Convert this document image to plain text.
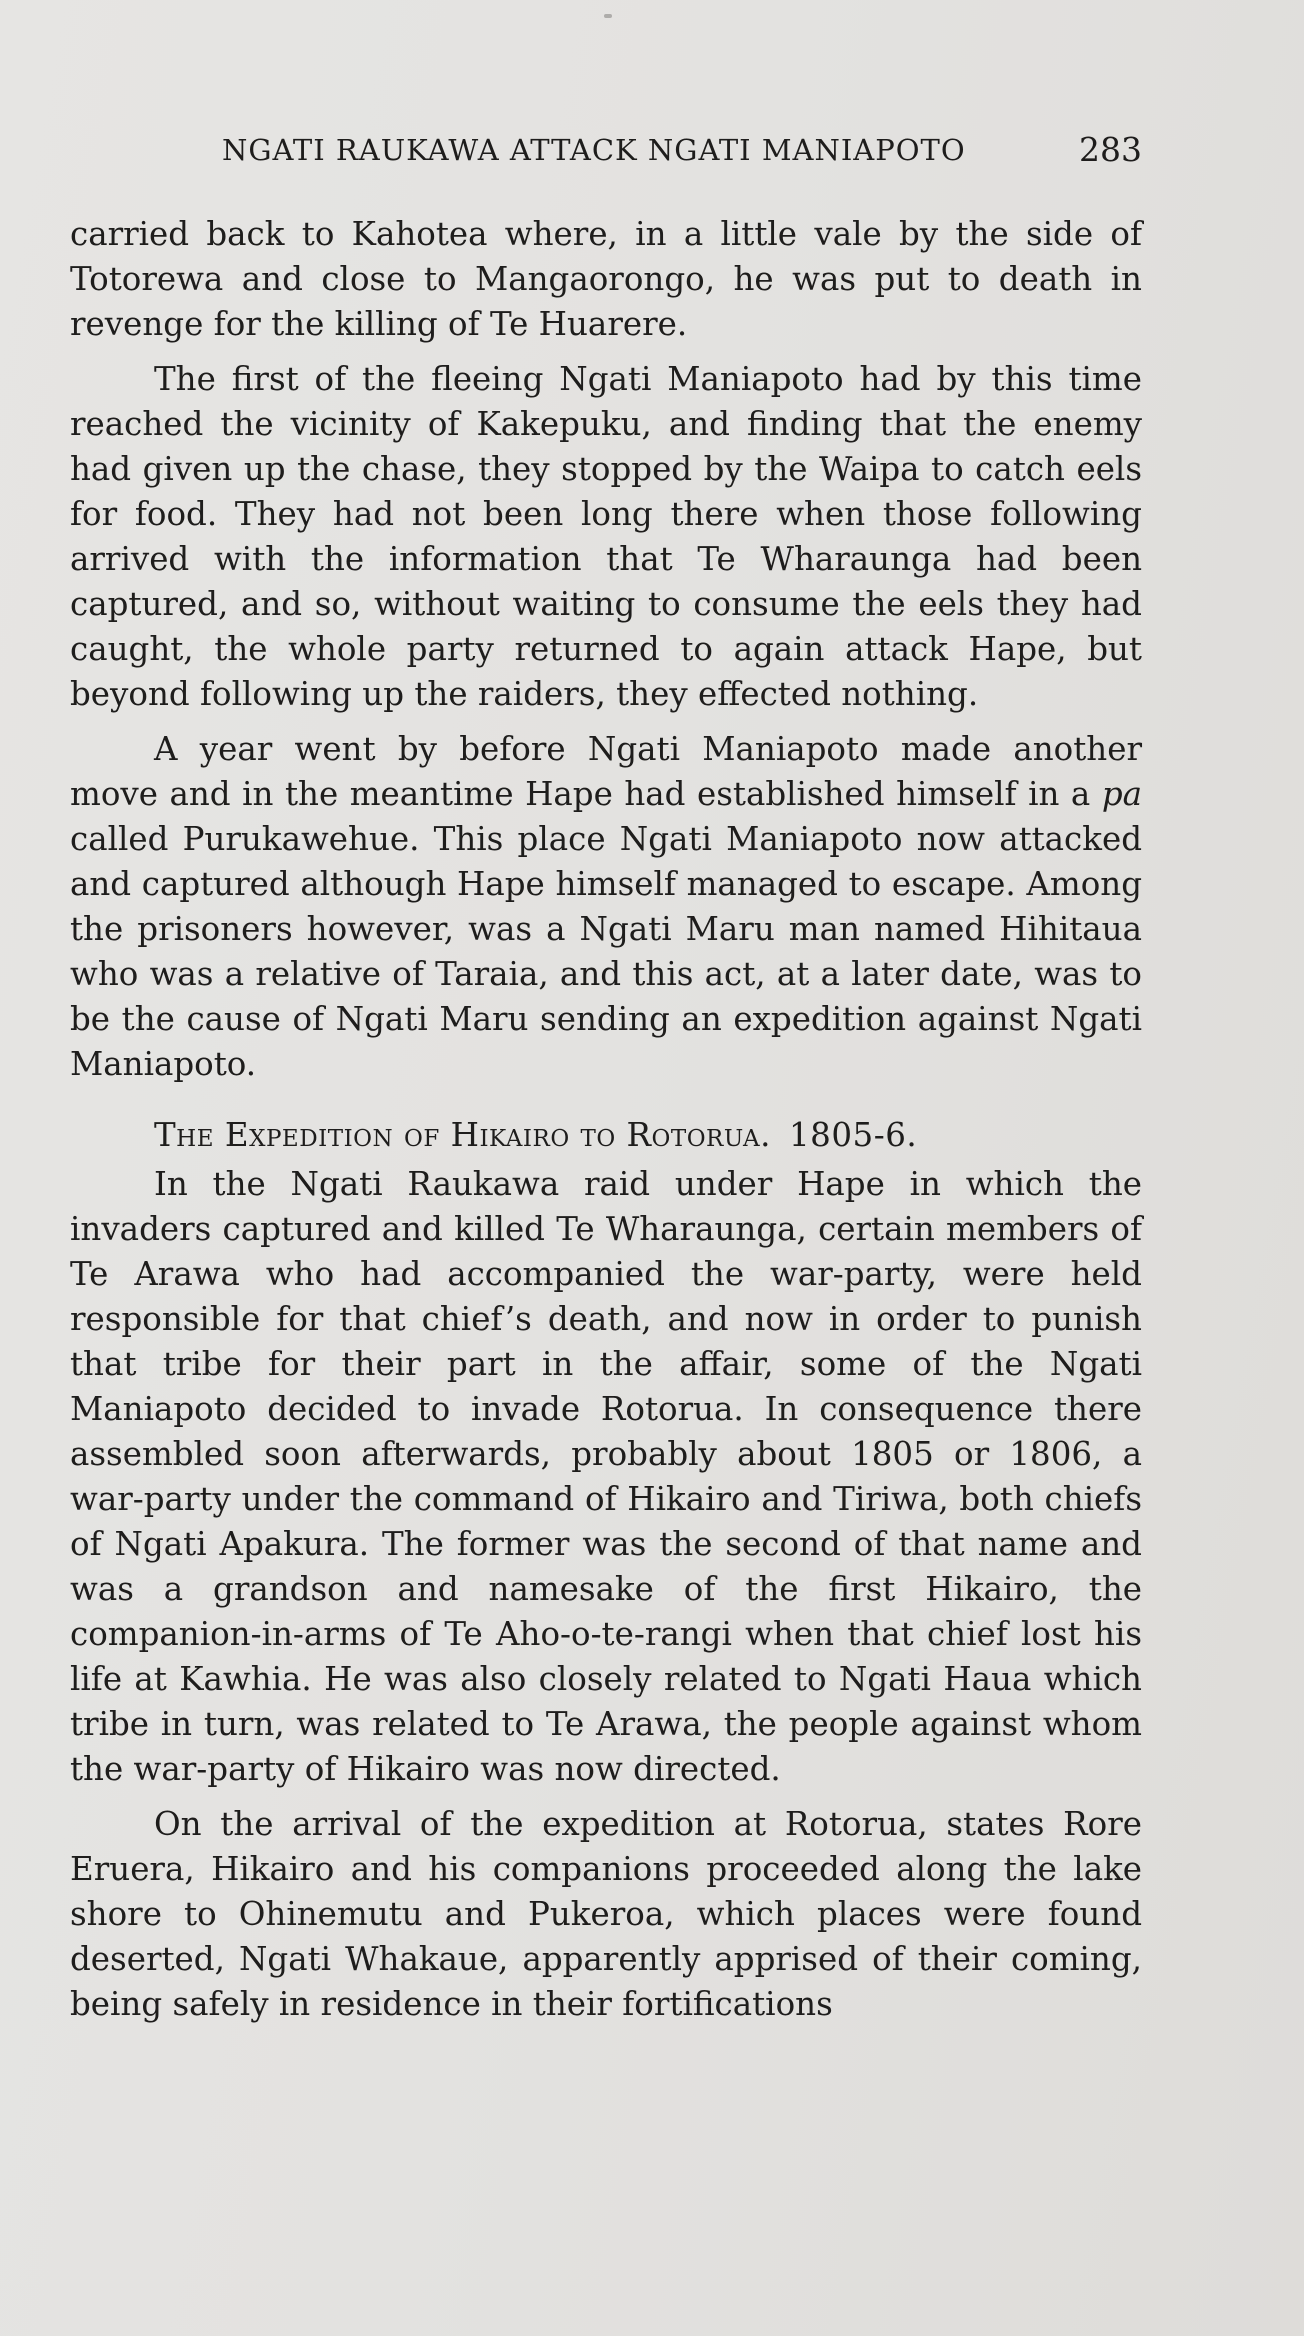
NGATI RAUKAWA ATTACK NGATI MANIAPOTO	283

carried back to Kahotea where, in a little vale by the side of Totorewa and close to Mangaorongo, he was put to death in revenge for the killing of Te Huarere.

The first of the fleeing Ngati Maniapoto had by this time reached the vicinity of Kakepuku, and finding that the enemy had given up the chase, they stopped by the Waipa to catch eels for food. They had not been long there when those following arrived with the information that Te Wharaunga had been captured, and so, without waiting to consume the eels they had caught, the whole party returned to again attack Hape, but beyond following up the raiders, they effected nothing.

A year went by before Ngati Maniapoto made another move and in the meantime Hape had established himself in a pa called Purukawehue. This place Ngati Maniapoto now attacked and captured although Hape himself managed to escape. Among the prisoners however, was a Ngati Maru man named Hihitaua who was a relative of Taraia, and this act, at a later date, was to be the cause of Ngati Maru sending an expedition against Ngati Maniapoto.

The Expedition of Hikairo to Rotorua. 1805-6.

In the Ngati Raukawa raid under Hape in which the invaders captured and killed Te Wharaunga, certain members of Te Arawa who had accompanied the war-party, were held responsible for that chief’s death, and now in order to punish that tribe for their part in the affair, some of the Ngati Maniapoto decided to invade Rotorua. In consequence there assembled soon afterwards, probably about 1805 or 1806, a war-party under the command of Hikairo and Tiriwa, both chiefs of Ngati Apakura. The former was the second of that name and was a grandson and namesake of the first Hikairo, the companion-in-arms of Te Aho-o-te-rangi when that chief lost his life at Kawhia. He was also closely related to Ngati Haua which tribe in turn, was related to Te Arawa, the people against whom the war-party of Hikairo was now directed.

On the arrival of the expedition at Rotorua, states Rore Eruera, Hikairo and his companions proceeded along the lake shore to Ohinemutu and Pukeroa, which places were found deserted, Ngati Whakaue, apparently apprised of their coming, being safely in residence in their fortifications
